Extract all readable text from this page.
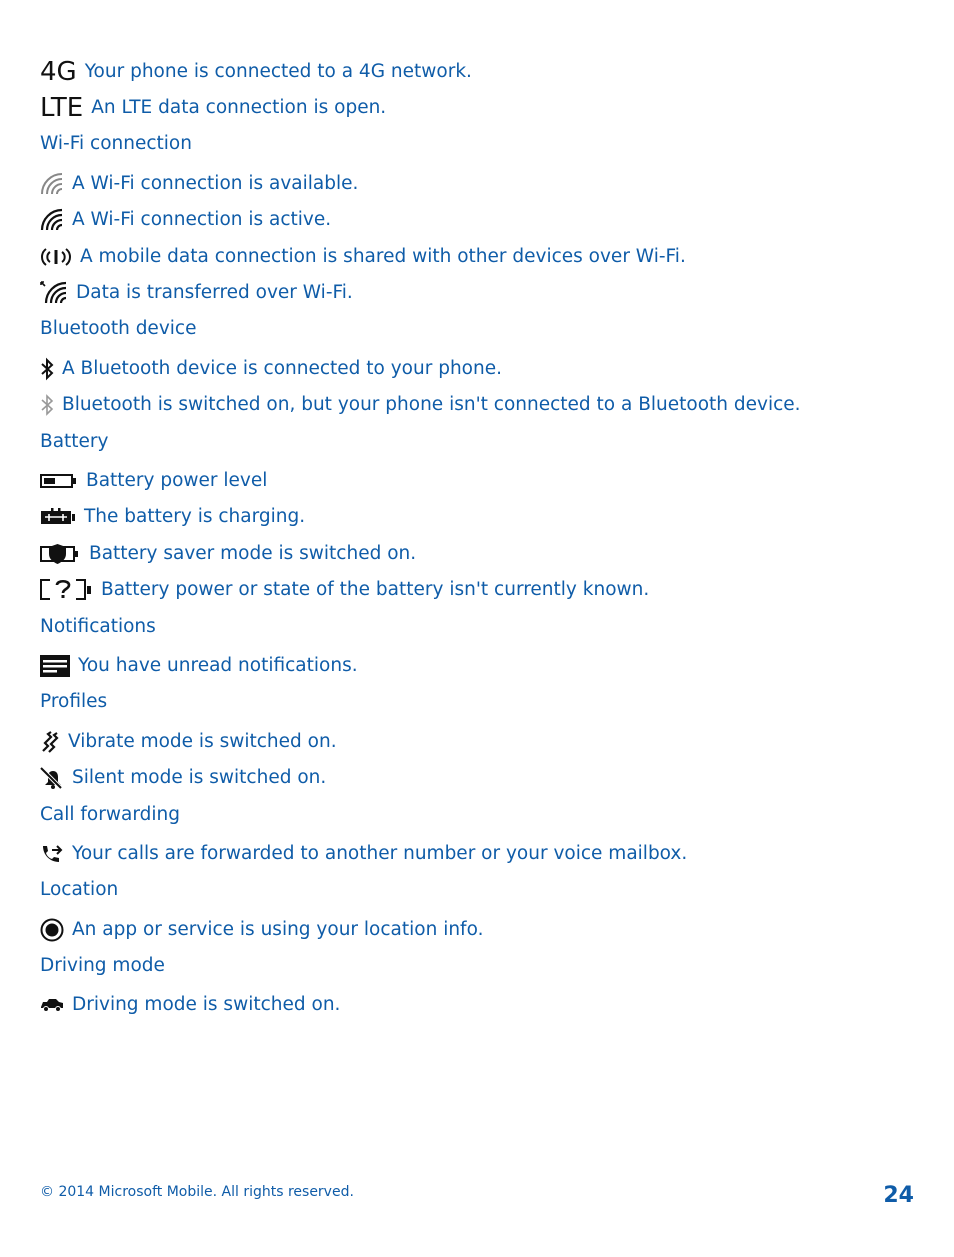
4G Your phone is connected to a 4G network.
LTE An LTE data connection is open.
Wi-Fi connection
A Wi-Fi connection is available.
A Wi-Fi connection is active.
A mobile data connection is shared with other devices over Wi-Fi.
Data is transferred over Wi-Fi.
Bluetooth device
A Bluetooth device is connected to your phone.
Bluetooth is switched on, but your phone isn't connected to a Bluetooth device.
Battery
Battery power level
The battery is charging.
Battery saver mode is switched on.
Battery power or state of the battery isn't currently known.
Notifications
You have unread notifications.
Profiles
Vibrate mode is switched on.
Silent mode is switched on.
Call forwarding
Your calls are forwarded to another number or your voice mailbox.
Location
An app or service is using your location info.
Driving mode
Driving mode is switched on.
© 2014 Microsoft Mobile. All rights reserved.	24
